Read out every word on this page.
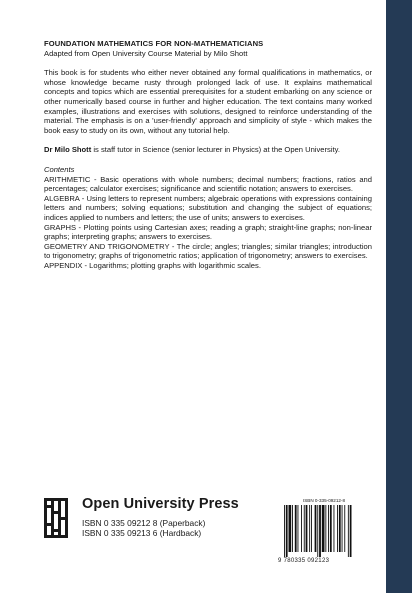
FOUNDATION MATHEMATICS FOR NON-MATHEMATICIANS
Adapted from Open University Course Material by Milo Shott

This book is for students who either never obtained any formal qualifications in mathematics, or whose knowledge became rusty through prolonged lack of use. It explains mathematical concepts and topics which are essential prerequisites for a student embarking on any science or other numerically based course in further and higher education. The text contains many worked examples, illustrations and exercises with solutions, designed to reinforce understanding of the material. The emphasis is on a 'user-friendly' approach and simplicity of style - which makes the book easy to study on its own, without any tutorial help.

Dr Milo Shott is staff tutor in Science (senior lecturer in Physics) at the Open University.

Contents
ARITHMETIC - Basic operations with whole numbers; decimal numbers; fractions, ratios and percentages; calculator exercises; significance and scientific notation; answers to exercises.
ALGEBRA - Using letters to represent numbers; algebraic operations with expressions containing letters and numbers; solving equations; substitution and changing the subject of equations; indices applied to numbers and letters; the use of units; answers to exercises.
GRAPHS - Plotting points using Cartesian axes; reading a graph; straight-line graphs; non-linear graphs; interpreting graphs; answers to exercises.
GEOMETRY AND TRIGONOMETRY - The circle; angles; triangles; similar triangles; introduction to trigonometry; graphs of trigonometric ratios; application of trigonometry; answers to exercises.
APPENDIX - Logarithms; plotting graphs with logarithmic scales.
Open University Press
ISBN 0 335 09212 8 (Paperback)
ISBN 0 335 09213 6 (Hardback)
ISBN 0-335-09212-8
9 780335 092123
